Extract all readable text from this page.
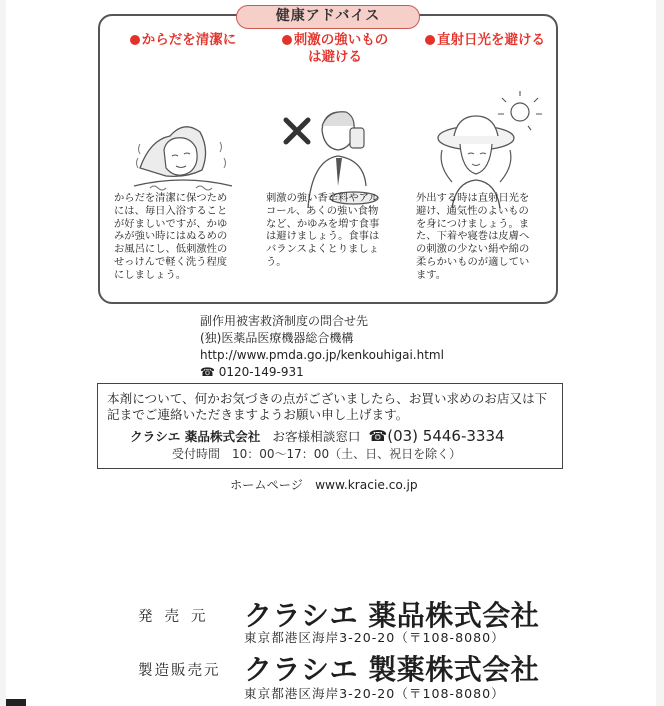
健康アドバイス
からだを清潔に
からだを清潔に保つため
には、毎日入浴すること
が好ましいですが、かゆ
みが強い時にはぬるめの
お風呂にし、低刺激性の
せっけんで軽く洗う程度
にしましょう。
刺激の強いもの
は避ける
刺激の強い香辛料やアル
コール、あくの強い食物
など、かゆみを増す食事
は避けましょう。食事は
バランスよくとりましょ
う。
直射日光を避ける
外出する時は直射日光を
避け、通気性のよいもの
を身につけましょう。ま
た、下着や寝巻は皮膚へ
の刺激の少ない絹や綿の
柔らかいものが適してい
ます。
副作用被害救済制度の問合せ先
(独)医薬品医療機器総合機構
http://www.pmda.go.jp/kenkouhigai.html
☎ 0120-149-931
本剤について、何かお気づきの点がございましたら、お買い求めのお店又は下記までご連絡いただきますようお願い申し上げます。
クラシエ 薬品株式会社 お客様相談窓口 ☎(03) 5446-3334
受付時間　10：00～17：00（土、日、祝日を除く）
ホームページ　www.kracie.co.jp
発売元 クラシエ 薬品株式会社
東京都港区海岸3-20-20（〒108-8080）
製造販売元 クラシエ 製薬株式会社
東京都港区海岸3-20-20（〒108-8080）
